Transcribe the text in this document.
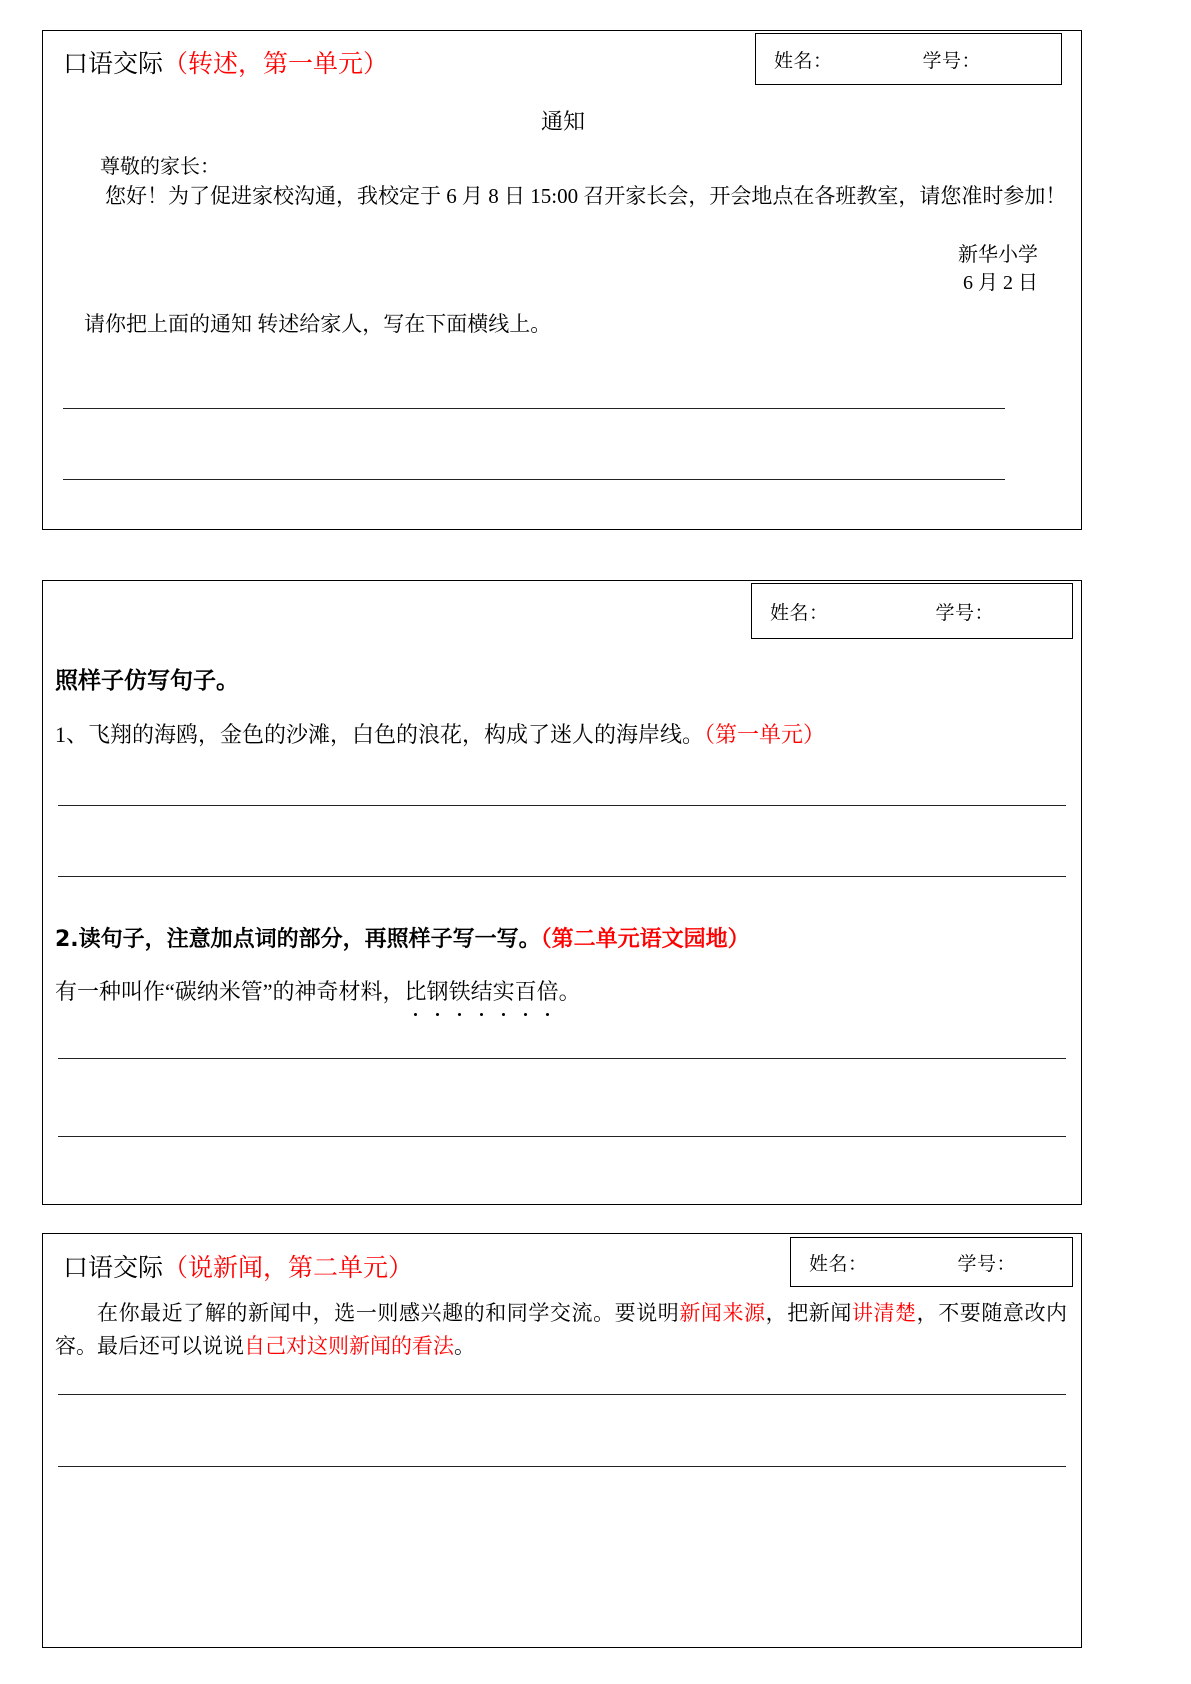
姓名：	学号：
口语交际（转述，第一单元）
通知
尊敬的家长：
您好！为了促进家校沟通，我校定于 6 月 8 日 15:00 召开家长会，开会地点在各班教室，请您准时参加！
新华小学
6 月 2 日
请你把上面的通知 转述给家人，写在下面横线上。
姓名：	学号：
照样子仿写句子。
1、飞翔的海鸥，金色的沙滩，白色的浪花，构成了迷人的海岸线。（第一单元）
2.读句子，注意加点词的部分，再照样子写一写。（第二单元语文园地）
有一种叫作“碳纳米管”的神奇材料，比钢铁结实百倍。
姓名：	学号：
口语交际（说新闻，第二单元）
在你最近了解的新闻中，选一则感兴趣的和同学交流。要说明新闻来源，把新闻讲清楚，不要随意改内容。最后还可以说说自己对这则新闻的看法。
